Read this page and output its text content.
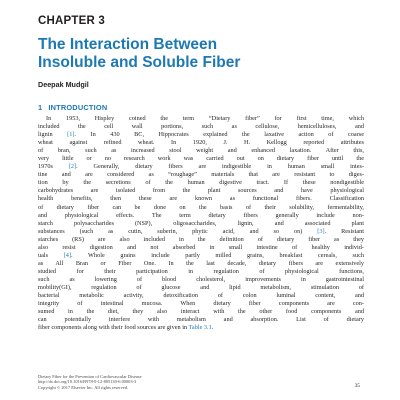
CHAPTER 3
The Interaction Between
Insoluble and Soluble Fiber
Deepak Mudgil
1 INTRODUCTION
In 1953, Hispley coined the term “Dietary fiber” for first time, which
included the cell wall portions, such as cellulose, hemicelluloses, and
lignin [1]. In 430 BC, Hippocrates explained the laxative action of coarse
wheat against refined wheat. In 1920, J. H. Kellogg reported attributes
of bran, such as increased stool weight and enhanced laxation. After this,
very little or no research work was carried out on dietary fiber until the
1970s [2]. Generally, dietary fibers are indigestible in human small intes-
tine and are considered as “roughage” materials that are resistant to diges-
tion by the secretions of the human digestive tract. If these nondigestible
carbohydrates are isolated from the plant sources and have physiological
health benefits, then these are known as functional fibers. Classification
of dietary fiber can be done on the basis of their solubility, fermentability,
and physiological effects. The term dietary fibers generally include non-
starch polysaccharides (NSP), oligosaccharides, lignin, and associated plant
substances (such as cutin, suberin, phytic acid, and so on) [3]. Resistant
starches (RS) are also included in the definition of dietary fiber as they
also resist digestion and not absorbed in small intestine of healthy individ-
uals [4]. Whole grains include partly milled grains, breakfast cereals, such
as All Bran or Fiber One. In the last decade, dietary fibers are extensively
studied for their participation in regulation of physiological functions,
such as lowering of blood cholesterol, improvements in gastrointestinal
mobility(GI), regulation of glucose and lipid metabolism, stimulation of
bacterial metabolic activity, detoxification of colon luminal content, and
integrity of intestinal mucosa. When dietary fiber components are con-
sumed in the diet, they also interact with the other food components and
can potentially interfere with metabolism and absorption. List of dietary
fiber components along with their food sources are given in Table 3.1.
Dietary Fiber for the Prevention of Cardiovascular Disease
http://dx.doi.org/10.1016/B978-0-12-805130-6.00003-3
Copyright © 2017 Elsevier Inc. All rights reserved.	35
